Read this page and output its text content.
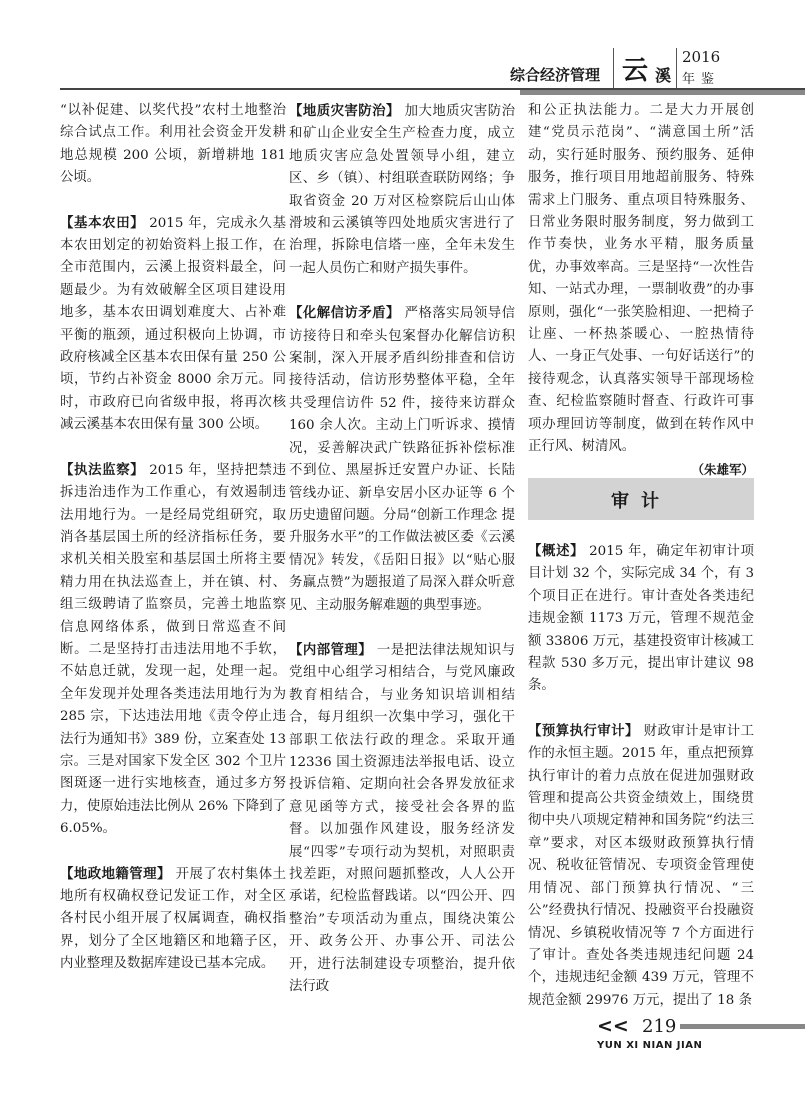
综合经济管理 云 溪
2016
年鉴

“以补促建、以奖代投”农村土地整治综合试点工作。利用社会资金开发耕地总规模 200 公顷，新增耕地 181 公顷。

【基本农田】 2015 年，完成永久基本农田划定的初始资料上报工作，在全市范围内，云溪上报资料最全，问题最少。为有效破解全区项目建设用地多，基本农田调划难度大、占补难平衡的瓶颈，通过积极向上协调，市政府核减全区基本农田保有量 250 公顷，节约占补资金 8000 余万元。同时，市政府已向省级申报，将再次核减云溪基本农田保有量 300 公顷。

【执法监察】 2015 年，坚持把禁违拆违治违作为工作重心，有效遏制违法用地行为。一是经局党组研究，取消各基层国土所的经济指标任务，要求机关相关股室和基层国土所将主要精力用在执法巡查上，并在镇、村、组三级聘请了监察员，完善土地监察信息网络体系，做到日常巡查不间断。二是坚持打击违法用地不手软，不姑息迁就，发现一起，处理一起。全年发现并处理各类违法用地行为为 285 宗，下达违法用地《责令停止违法行为通知书》389 份，立案查处 13 宗。三是对国家下发全区 302 个卫片图斑逐一进行实地核查，通过多方努力，使原始违法比例从 26% 下降到了 6.05%。

【地政地籍管理】 开展了农村集体土地所有权确权登记发证工作，对全区各村民小组开展了权属调查，确权指界，划分了全区地籍区和地籍子区，内业整理及数据库建设已基本完成。

【地质灾害防治】 加大地质灾害防治和矿山企业安全生产检查力度，成立地质灾害应急处置领导小组，建立区、乡（镇）、村组联查联防网络；争取省资金 20 万对区检察院后山山体滑坡和云溪镇等四处地质灾害进行了治理，拆除电信塔一座，全年未发生一起人员伤亡和财产损失事件。

【化解信访矛盾】 严格落实局领导信访接待日和牵头包案督办化解信访积案制，深入开展矛盾纠纷排查和信访接待活动，信访形势整体平稳，全年共受理信访件 52 件，接待来访群众 160 余人次。主动上门听诉求、摸情况，妥善解决武广铁路征拆补偿标准不到位、黑屋拆迁安置户办证、长陆管线办证、新阜安居小区办证等 6 个历史遗留问题。分局“创新工作理念 提升服务水平”的工作做法被区委《云溪情况》转发，《岳阳日报》以“贴心服务赢点赞”为题报道了局深入群众听意见、主动服务解难题的典型事迹。

【内部管理】 一是把法律法规知识与党组中心组学习相结合，与党风廉政教育相结合，与业务知识培训相结合，每月组织一次集中学习，强化干部职工依法行政的理念。采取开通 12336 国土资源违法举报电话、设立投诉信箱、定期向社会各界发放征求意见函等方式，接受社会各界的监督。以加强作风建设，服务经济发展“四零”专项行动为契机，对照职责找差距，对照问题抓整改，人人公开承诺，纪检监督践诺。以“四公开、四整治”专项活动为重点，围绕决策公开、政务公开、办事公开、司法公开，进行法制建设专项整治，提升依法行政

和公正执法能力。二是大力开展创建“党员示范岗”、“满意国土所”活动，实行延时服务、预约服务、延伸服务，推行项目用地超前服务、特殊需求上门服务、重点项目特殊服务、日常业务限时服务制度，努力做到工作节奏快，业务水平精，服务质量优，办事效率高。三是坚持“一次性告知、一站式办理，一票制收费”的办事原则，强化“一张笑脸相迎、一把椅子让座、一杯热茶暖心、一腔热情待人、一身正气处事、一句好话送行”的接待观念，认真落实领导干部现场检查、纪检监察随时督查、行政许可事项办理回访等制度，做到在转作风中正行风、树清风。
（朱雄军）

审计

【概述】 2015 年，确定年初审计项目计划 32 个，实际完成 34 个，有 3 个项目正在进行。审计查处各类违纪违规金额 1173 万元，管理不规范金额 33806 万元，基建投资审计核减工程款 530 多万元，提出审计建议 98 条。

【预算执行审计】 财政审计是审计工作的永恒主题。2015 年，重点把预算执行审计的着力点放在促进加强财政管理和提高公共资金绩效上，围绕贯彻中央八项规定精神和国务院“约法三章”要求，对区本级财政预算执行情况、税收征管情况、专项资金管理使用情况、部门预算执行情况、“三公”经费执行情况、投融资平台投融资情况、乡镇税收情况等 7 个方面进行了审计。查处各类违规违纪问题 24 个，违规违纪金额 439 万元，管理不规范金额 29976 万元，提出了 18 条

<< 219
YUN XI NIAN JIAN
